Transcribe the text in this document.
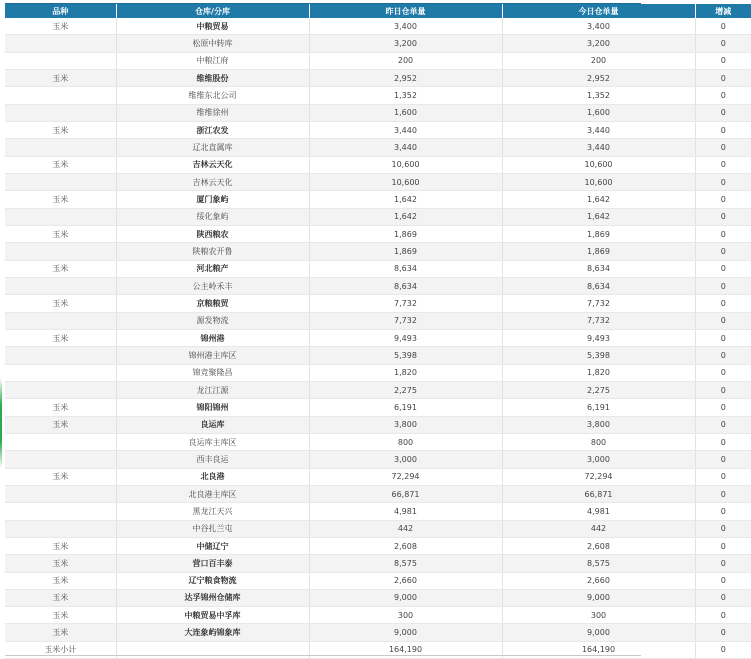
品种	仓库/分库	昨日仓单量	今日仓单量	增减
玉米	中粮贸易	3,400	3,400	0
	松原中转库	3,200	3,200	0
	中粮江府	200	200	0
玉米	维维股份	2,952	2,952	0
	维维东北公司	1,352	1,352	0
	维维徐州	1,600	1,600	0
玉米	浙江农发	3,440	3,440	0
	辽北直属库	3,440	3,440	0
玉米	吉林云天化	10,600	10,600	0
	吉林云天化	10,600	10,600	0
玉米	厦门象屿	1,642	1,642	0
	绥化象屿	1,642	1,642	0
玉米	陕西粮农	1,869	1,869	0
	陕粮农开鲁	1,869	1,869	0
玉米	河北粮产	8,634	8,634	0
	公主岭禾丰	8,634	8,634	0
玉米	京粮粮贸	7,732	7,732	0
	源发物流	7,732	7,732	0
玉米	锦州港	9,493	9,493	0
	锦州港主库区	5,398	5,398	0
	锦竞聚隆昌	1,820	1,820	0
	龙江江源	2,275	2,275	0
玉米	锦阳锦州	6,191	6,191	0
玉米	良运库	3,800	3,800	0
	良运库主库区	800	800	0
	西丰良运	3,000	3,000	0
玉米	北良港	72,294	72,294	0
	北良港主库区	66,871	66,871	0
	黑龙江天兴	4,981	4,981	0
	中谷扎兰屯	442	442	0
玉米	中储辽宁	2,608	2,608	0
玉米	营口百丰泰	8,575	8,575	0
玉米	辽宁粮食物流	2,660	2,660	0
玉米	达孚锦州仓储库	9,000	9,000	0
玉米	中粮贸易中孚库	300	300	0
玉米	大连象屿锦象库	9,000	9,000	0
玉米小计		164,190	164,190	0
